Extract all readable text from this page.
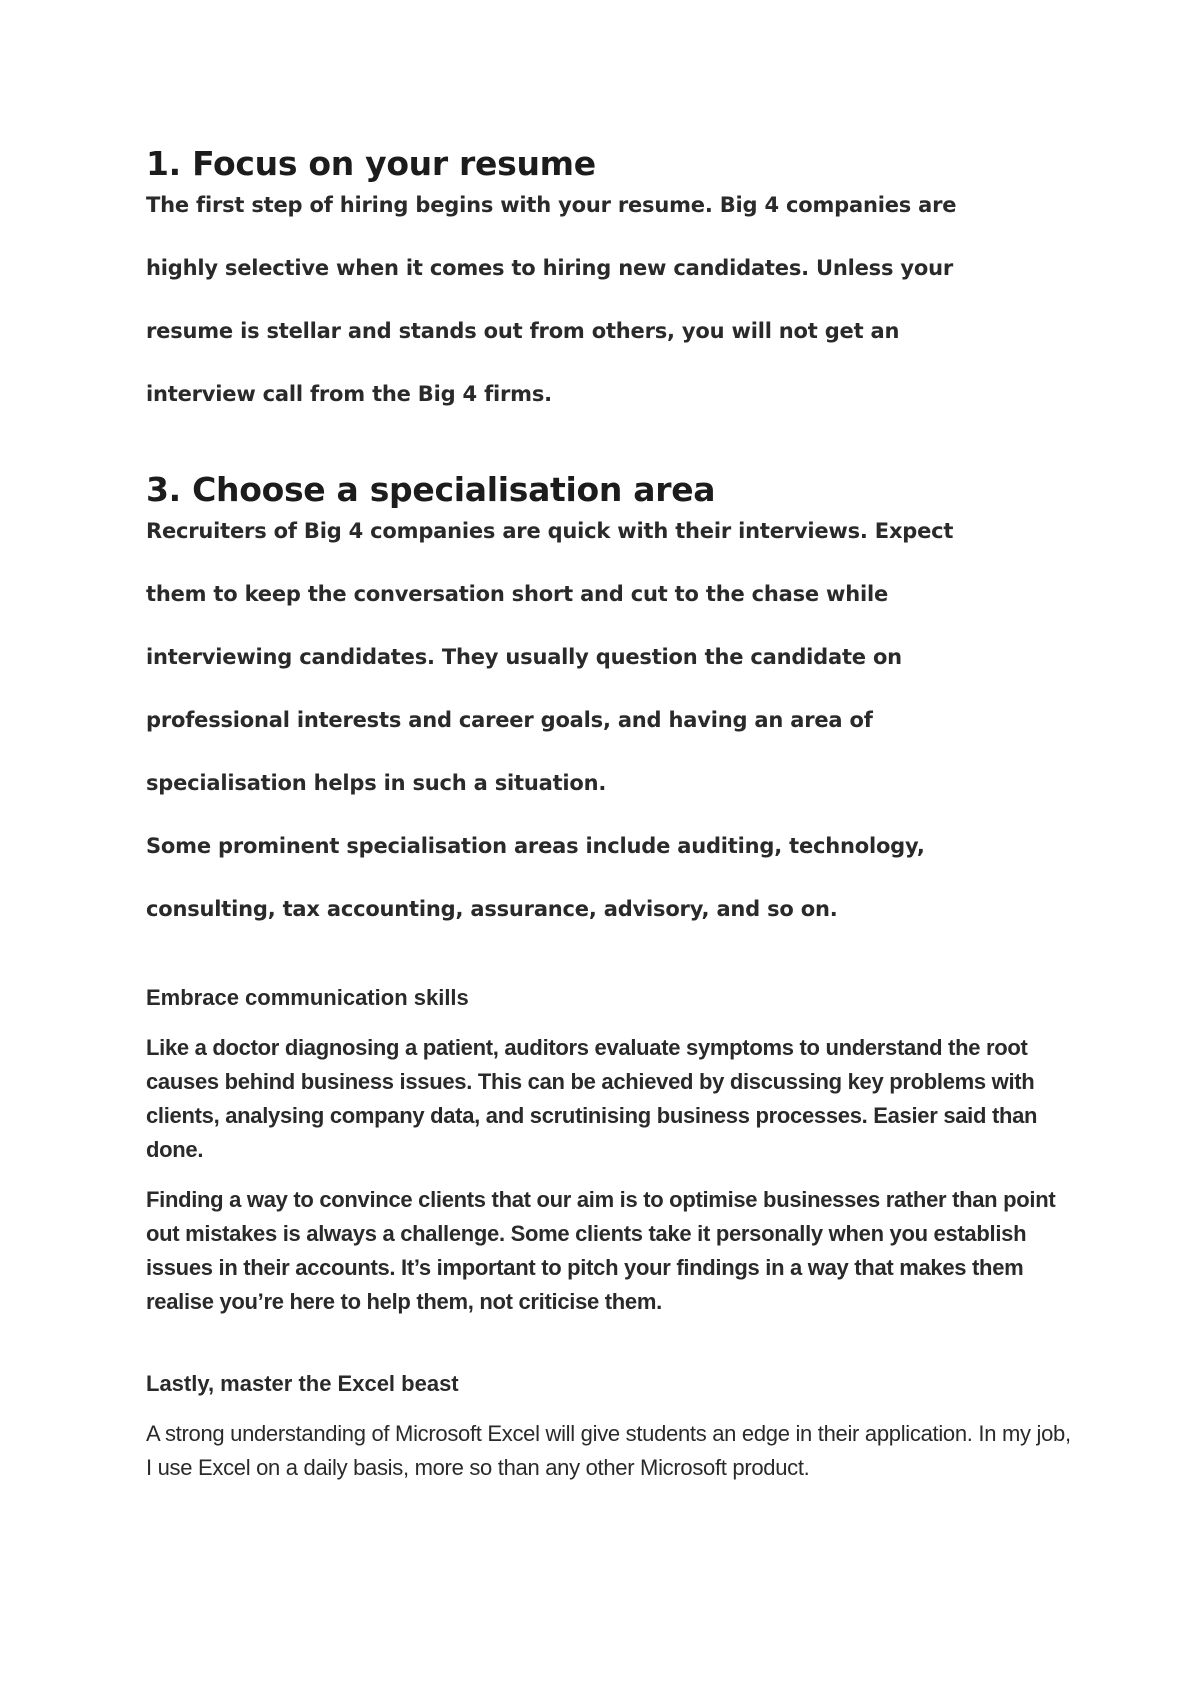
1. Focus on your resume

The first step of hiring begins with your resume. Big 4 companies are

highly selective when it comes to hiring new candidates. Unless your

resume is stellar and stands out from others, you will not get an

interview call from the Big 4 firms.

3. Choose a specialisation area

Recruiters of Big 4 companies are quick with their interviews. Expect

them to keep the conversation short and cut to the chase while

interviewing candidates. They usually question the candidate on

professional interests and career goals, and having an area of

specialisation helps in such a situation.

Some prominent specialisation areas include auditing, technology,

consulting, tax accounting, assurance, advisory, and so on.

Embrace communication skills

Like a doctor diagnosing a patient, auditors evaluate symptoms to understand the root causes behind business issues. This can be achieved by discussing key problems with clients, analysing company data, and scrutinising business processes. Easier said than done.

Finding a way to convince clients that our aim is to optimise businesses rather than point out mistakes is always a challenge. Some clients take it personally when you establish issues in their accounts. It’s important to pitch your findings in a way that makes them realise you’re here to help them, not criticise them.

Lastly, master the Excel beast

A strong understanding of Microsoft Excel will give students an edge in their application. In my job, I use Excel on a daily basis, more so than any other Microsoft product.
